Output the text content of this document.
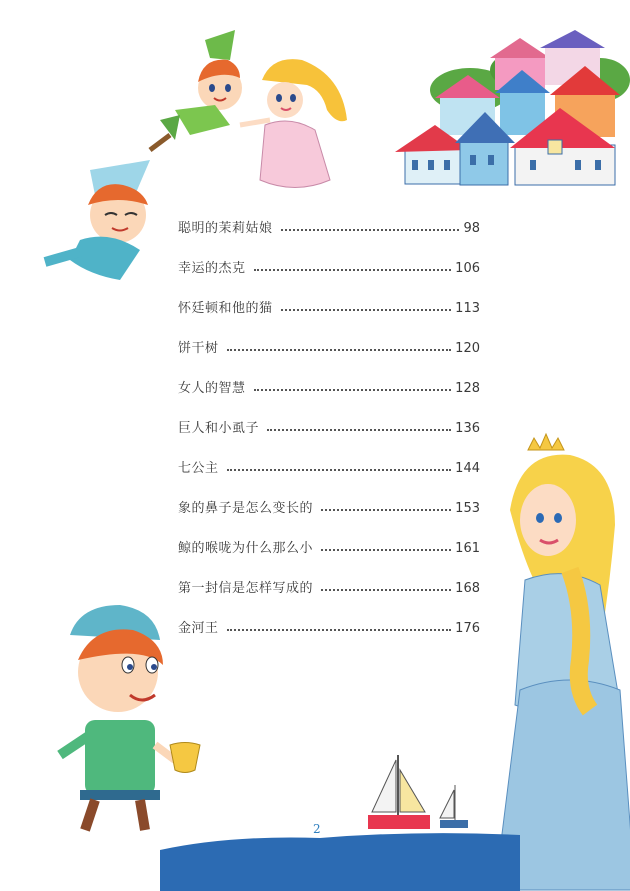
聪明的茉莉姑娘	98
幸运的杰克	106
怀廷顿和他的猫	113
饼干树	120
女人的智慧	128
巨人和小虱子	136
七公主	144
象的鼻子是怎么变长的	153
鲸的喉咙为什么那么小	161
第一封信是怎样写成的	168
金河王	176
2
